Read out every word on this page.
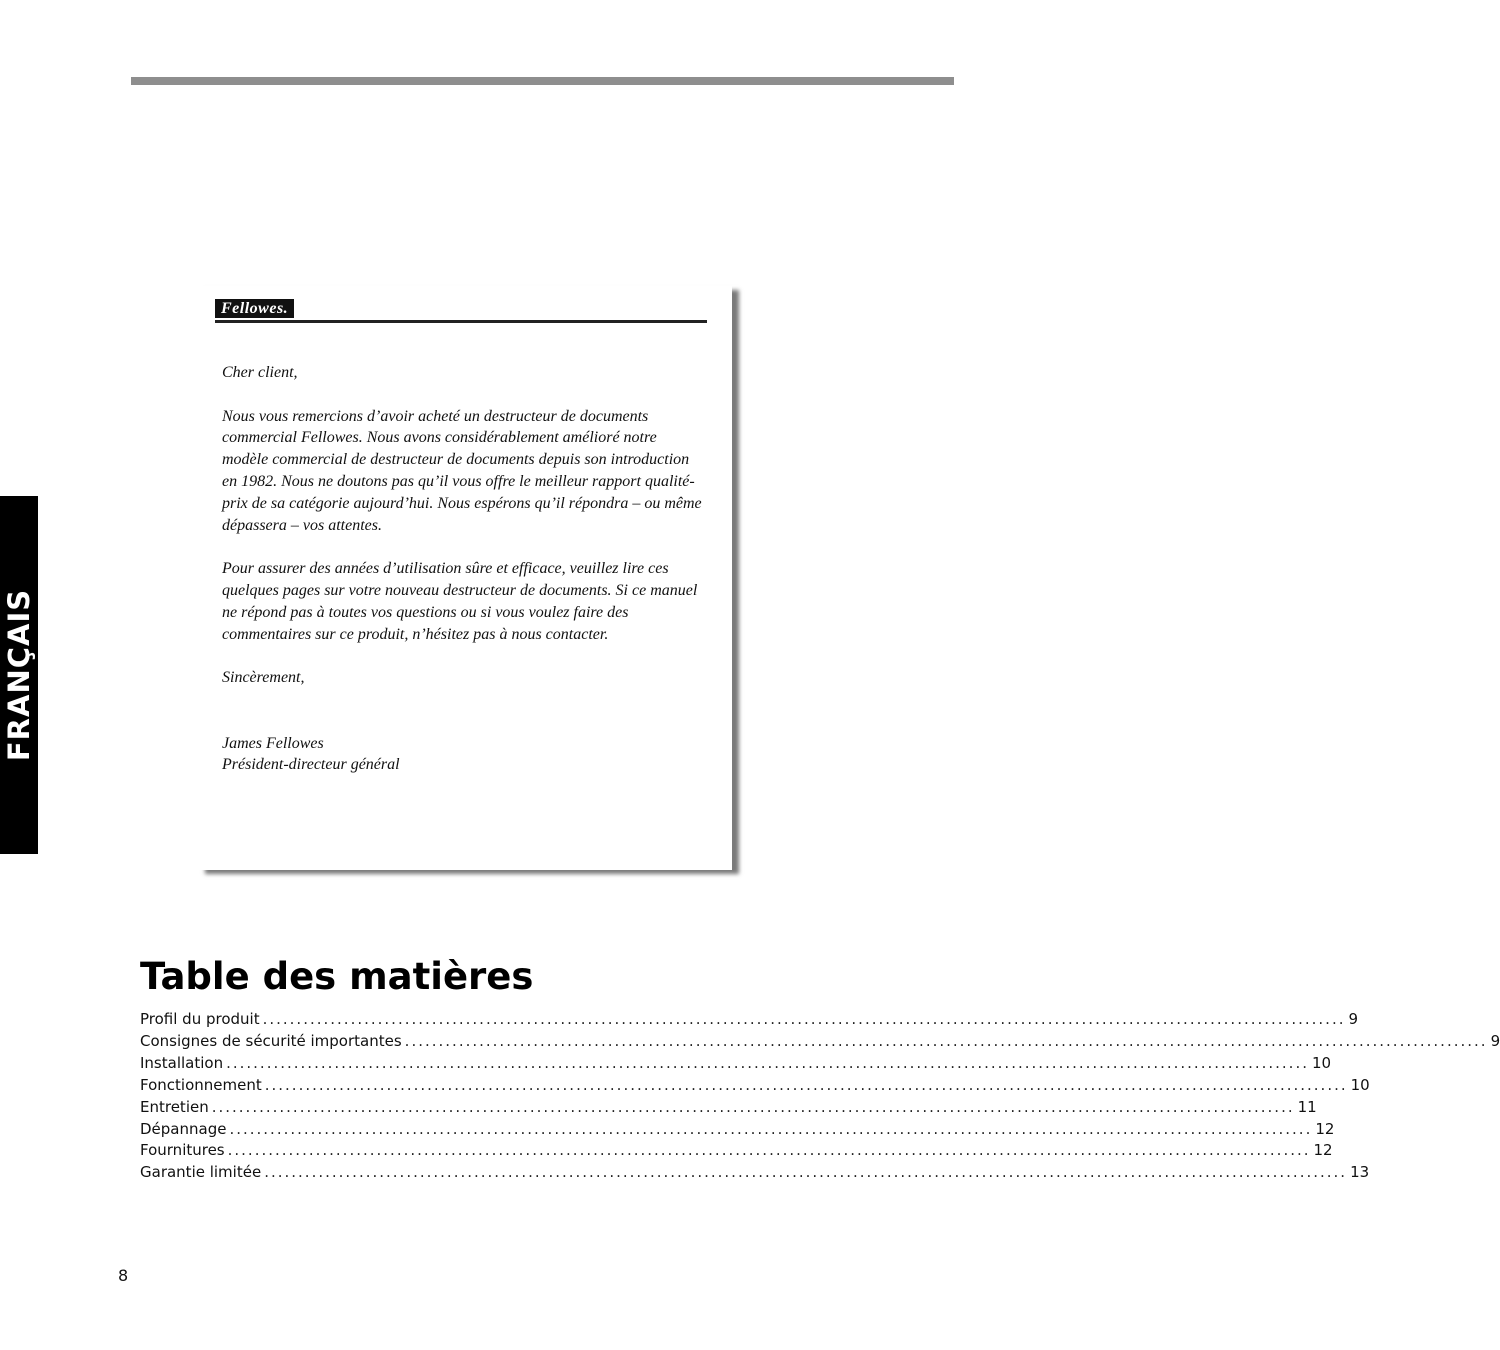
FRANÇAIS
Fellowes.

Cher client,

Nous vous remercions d’avoir acheté un destructeur de documents commercial Fellowes. Nous avons considérablement amélioré notre modèle commercial de destructeur de documents depuis son introduction en 1982. Nous ne doutons pas qu’il vous offre le meilleur rapport qualité-prix de sa catégorie aujourd’hui. Nous espérons qu’il répondra – ou même dépassera – vos attentes.

Pour assurer des années d’utilisation sûre et efficace, veuillez lire ces quelques pages sur votre nouveau destructeur de documents. Si ce manuel ne répond pas à toutes vos questions ou si vous voulez faire des commentaires sur ce produit, n’hésitez pas à nous contacter.

Sincèrement,

James Fellowes

Président-directeur général

Table des matières
Profil du produit ................................................................................................................................................................ 9
Consignes de sécurité importantes ................................................................................................................................................................ 9
Installation ................................................................................................................................................................ 10
Fonctionnement ................................................................................................................................................................ 10
Entretien ................................................................................................................................................................ 11
Dépannage ................................................................................................................................................................ 12
Fournitures ................................................................................................................................................................ 12
Garantie limitée ................................................................................................................................................................ 13
8
